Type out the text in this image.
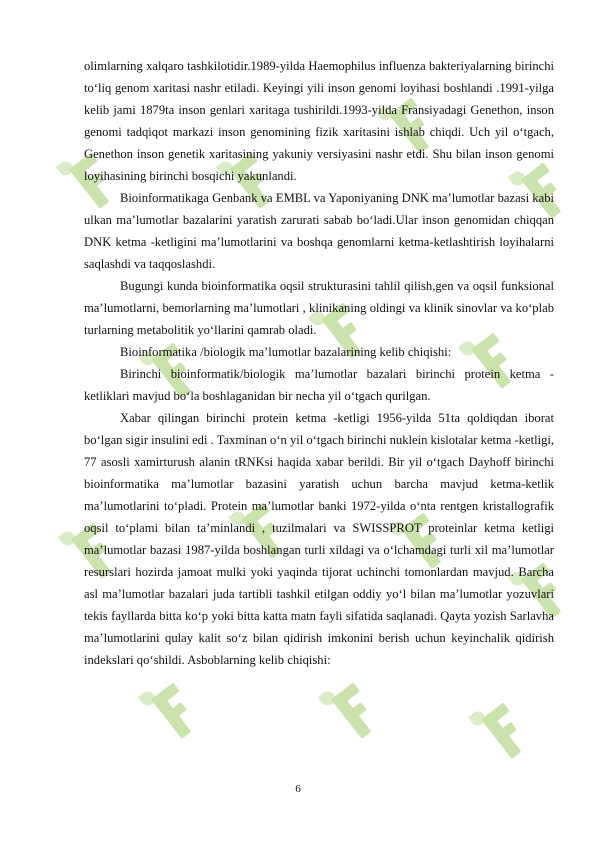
olimlarning xalqaro tashkilotidir.1989-yilda Haemophilus influenza bakteriyalarning birinchi to‘liq genom xaritasi nashr etiladi. Keyingi yili inson genomi loyihasi boshlandi .1991-yilga kelib jami 1879ta inson genlari xaritaga tushirildi.1993-yilda Fransiyadagi Genethon, inson genomi tadqiqot markazi inson genomining fizik xaritasini ishlab chiqdi. Uch yil o‘tgach, Genethon inson genetik xaritasining yakuniy versiyasini nashr etdi. Shu bilan inson genomi loyihasining birinchi bosqichi yakunlandi.

Bioinformatikaga Genbank va EMBL va Yaponiyaning DNK ma’lumotlar bazasi kabi ulkan ma’lumotlar bazalarini yaratish zarurati sabab bo‘ladi.Ular inson genomidan chiqqan DNK ketma -ketligini ma’lumotlarini va boshqa genomlarni ketma-ketlashtirish loyihalarni saqlashdi va taqqoslashdi.

Bugungi kunda bioinformatika oqsil strukturasini tahlil qilish,gen va oqsil funksional ma’lumotlarni, bemorlarning ma’lumotlari , klinikaning oldingi va klinik sinovlar va ko‘plab turlarning metabolitik yo‘llarini qamrab oladi.

Bioinformatika /biologik ma’lumotlar bazalarining kelib chiqishi:

Birinchi bioinformatik/biologik ma’lumotlar bazalari birinchi protein ketma -ketliklari mavjud bo‘la boshlaganidan bir necha yil o‘tgach qurilgan.

Xabar qilingan birinchi protein ketma -ketligi 1956-yilda 51ta qoldiqdan iborat bo‘lgan sigir insulini edi . Taxminan o‘n yil o‘tgach birinchi nuklein kislotalar ketma -ketligi, 77 asosli xamirturush alanin tRNKsi haqida xabar berildi. Bir yil o‘tgach Dayhoff birinchi bioinformatika ma’lumotlar bazasini yaratish uchun barcha mavjud ketma-ketlik ma’lumotlarini to‘pladi. Protein ma’lumotlar banki 1972-yilda o‘nta rentgen kristallografik oqsil to‘plami bilan ta’minlandi , tuzilmalari va SWISSPROT proteinlar ketma ketligi ma’lumotlar bazasi 1987-yilda boshlangan turli xildagi va o‘lchamdagi turli xil ma’lumotlar resurslari hozirda jamoat mulki yoki yaqinda tijorat uchinchi tomonlardan mavjud. Barcha asl ma’lumotlar bazalari juda tartibli tashkil etilgan oddiy yo‘l bilan ma’lumotlar yozuvlari tekis fayllarda bitta ko‘p yoki bitta katta matn fayli sifatida saqlanadi. Qayta yozish Sarlavha ma’lumotlarini qulay kalit so‘z bilan qidirish imkonini berish uchun keyinchalik qidirish indekslari qo‘shildi. Asboblarning kelib chiqishi:

6
